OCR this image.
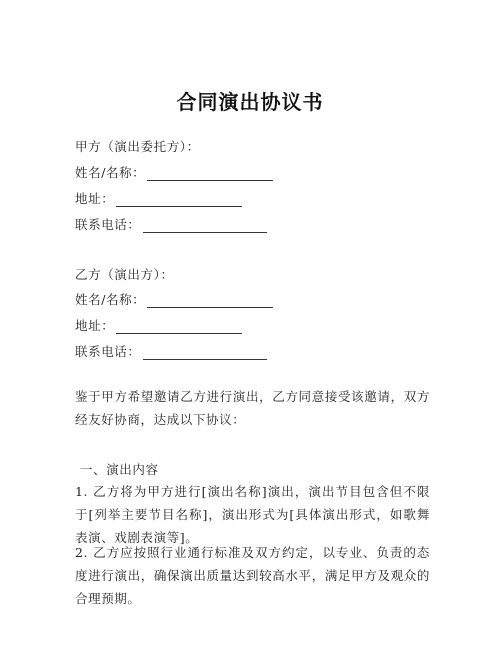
合同演出协议书
甲方（演出委托方）：
姓名/名称：
地址：
联系电话：
乙方（演出方）：
姓名/名称：
地址：
联系电话：
鉴于甲方希望邀请乙方进行演出，乙方同意接受该邀请，双方经友好协商，达成以下协议：
一、演出内容
1. 乙方将为甲方进行[演出名称]演出，演出节目包含但不限于[列举主要节目名称]，演出形式为[具体演出形式，如歌舞表演、戏剧表演等]。
2. 乙方应按照行业通行标准及双方约定，以专业、负责的态度进行演出，确保演出质量达到较高水平，满足甲方及观众的合理预期。
